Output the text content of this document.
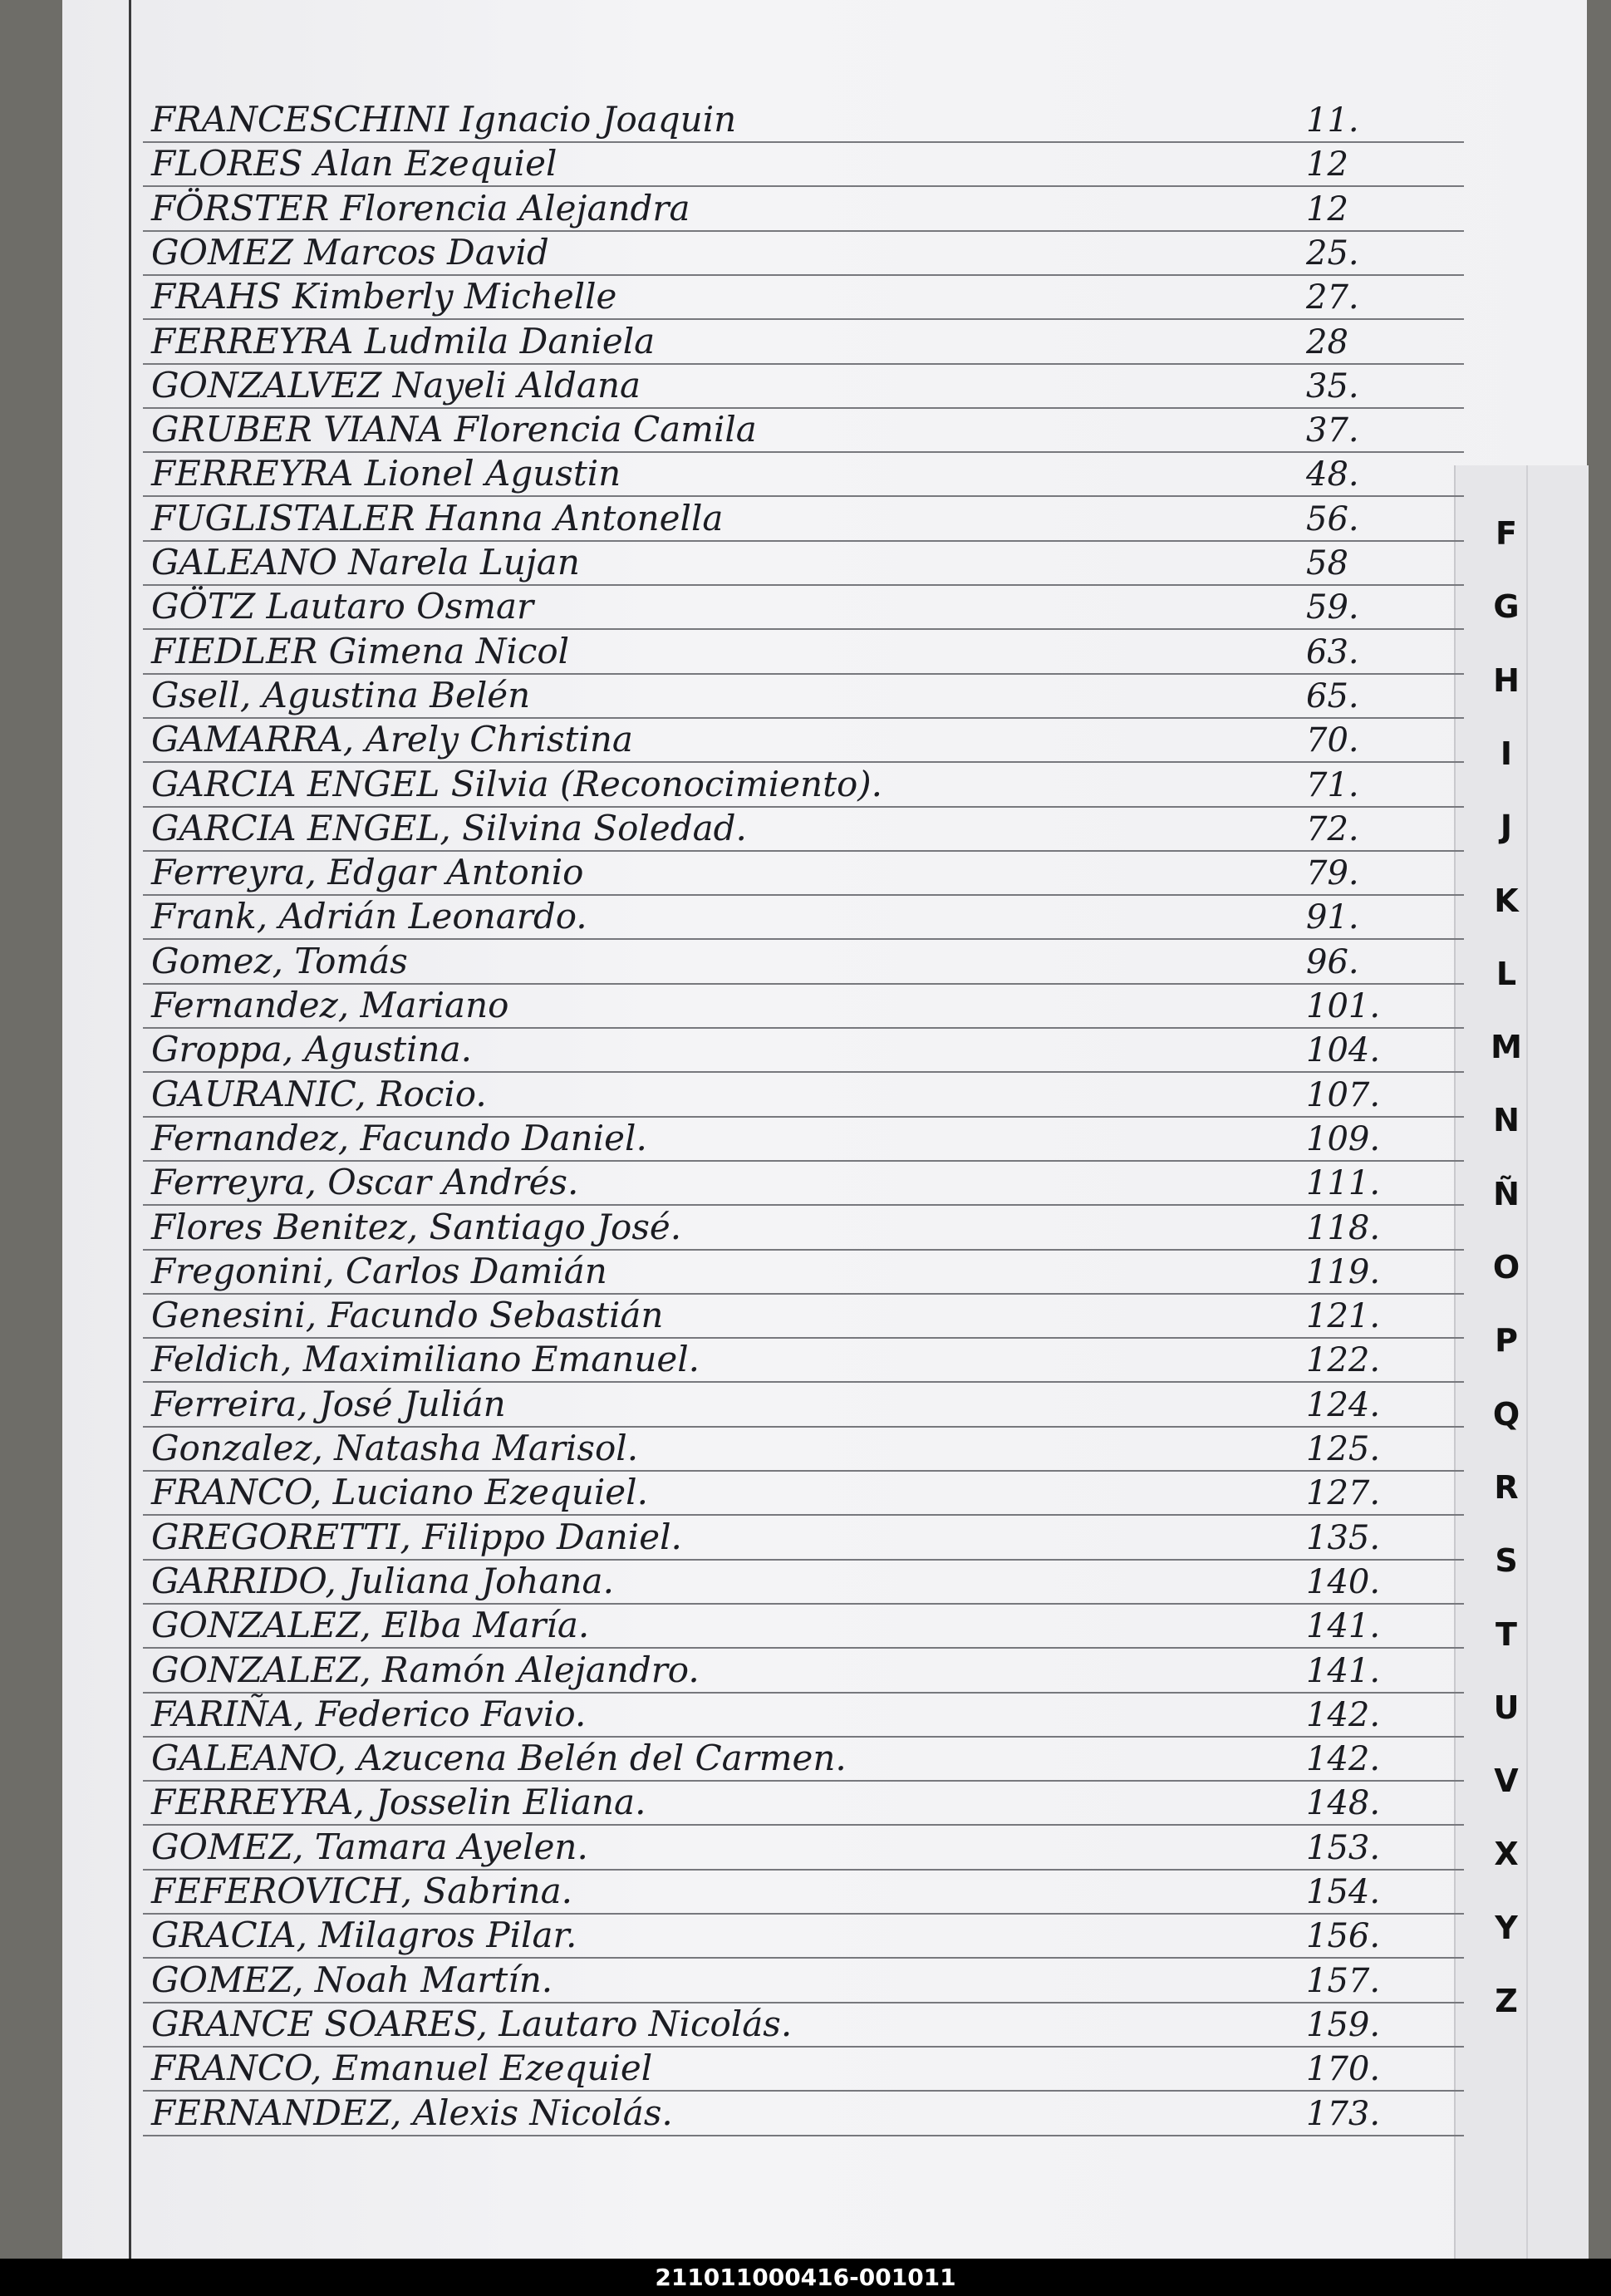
FRANCESCHINI Ignacio Joaquin	11.
FLORES Alan Ezequiel	12
FÖRSTER Florencia Alejandra	12
GOMEZ Marcos David	25.
FRAHS Kimberly Michelle	27.
FERREYRA Ludmila Daniela	28
GONZALVEZ Nayeli Aldana	35.
GRUBER VIANA Florencia Camila	37.
FERREYRA Lionel Agustin	48.
FUGLISTALER Hanna Antonella	56.
GALEANO Narela Lujan	58
GÖTZ Lautaro Osmar	59.
FIEDLER Gimena Nicol	63.
Gsell, Agustina Belén	65.
GAMARRA, Arely Christina	70.
GARCIA ENGEL Silvia (Reconocimiento).	71.
GARCIA ENGEL, Silvina Soledad.	72.
Ferreyra, Edgar Antonio	79.
Frank, Adrián Leonardo.	91.
Gomez, Tomás	96.
Fernandez, Mariano	101.
Groppa, Agustina.	104.
GAURANIC, Rocio.	107.
Fernandez, Facundo Daniel.	109.
Ferreyra, Oscar Andrés.	111.
Flores Benitez, Santiago José.	118.
Fregonini, Carlos Damián	119.
Genesini, Facundo Sebastián	121.
Feldich, Maximiliano Emanuel.	122.
Ferreira, José Julián	124.
Gonzalez, Natasha Marisol.	125.
FRANCO, Luciano Ezequiel.	127.
GREGORETTI, Filippo Daniel.	135.
GARRIDO, Juliana Johana.	140.
GONZALEZ, Elba María.	141.
GONZALEZ, Ramón Alejandro.	141.
FARIÑA, Federico Favio.	142.
GALEANO, Azucena Belén del Carmen.	142.
FERREYRA, Josselin Eliana.	148.
GOMEZ, Tamara Ayelen.	153.
FEFEROVICH, Sabrina.	154.
GRACIA, Milagros Pilar.	156.
GOMEZ, Noah Martín.	157.
GRANCE SOARES, Lautaro Nicolás.	159.
FRANCO, Emanuel Ezequiel	170.
FERNANDEZ, Alexis Nicolás.	173.
F
G
H
I
J
K
L
M
N
Ñ
O
P
Q
R
S
T
U
V
X
Y
Z
211011000416-001011
